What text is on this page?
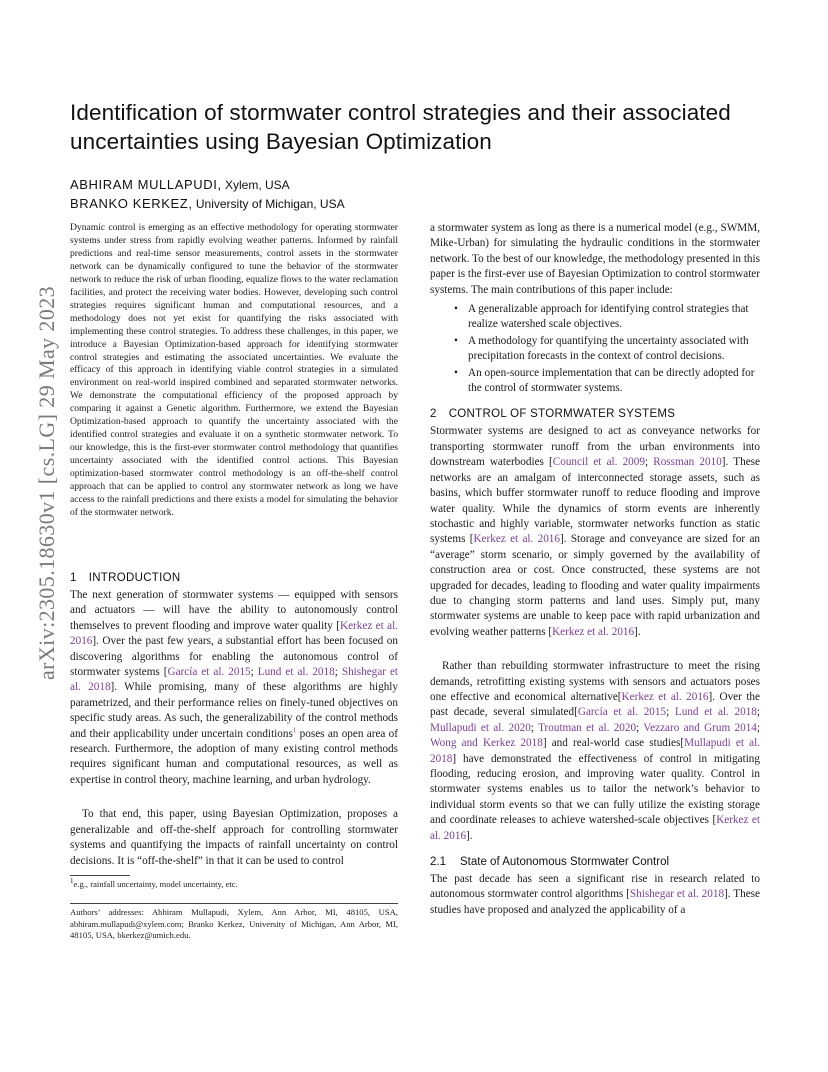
arXiv:2305.18630v1 [cs.LG] 29 May 2023
Identification of stormwater control strategies and their associated uncertainties using Bayesian Optimization
ABHIRAM MULLAPUDI, Xylem, USA
BRANKO KERKEZ, University of Michigan, USA
Dynamic control is emerging as an effective methodology for operating stormwater systems under stress from rapidly evolving weather patterns. Informed by rainfall predictions and real-time sensor measurements, control assets in the stormwater network can be dynamically configured to tune the behavior of the stormwater network to reduce the risk of urban flooding, equalize flows to the water reclamation facilities, and protect the receiving water bodies. However, developing such control strategies requires significant human and computational resources, and a methodology does not yet exist for quantifying the risks associated with implementing these control strategies. To address these challenges, in this paper, we introduce a Bayesian Optimization-based approach for identifying stormwater control strategies and estimating the associated uncertainties. We evaluate the efficacy of this approach in identifying viable control strategies in a simulated environment on real-world inspired combined and separated stormwater networks. We demonstrate the computational efficiency of the proposed approach by comparing it against a Genetic algorithm. Furthermore, we extend the Bayesian Optimization-based approach to quantify the uncertainty associated with the identified control strategies and evaluate it on a synthetic stormwater network. To our knowledge, this is the first-ever stormwater control methodology that quantifies uncertainty associated with the identified control actions. This Bayesian optimization-based stormwater control methodology is an off-the-shelf control approach that can be applied to control any stormwater network as long we have access to the rainfall predictions and there exists a model for simulating the behavior of the stormwater network.
1 INTRODUCTION

The next generation of stormwater systems — equipped with sensors and actuators — will have the ability to autonomously control themselves to prevent flooding and improve water quality [Kerkez et al. 2016]. Over the past few years, a substantial effort has been focused on discovering algorithms for enabling the autonomous control of stormwater systems [García et al. 2015; Lund et al. 2018; Shishegar et al. 2018]. While promising, many of these algorithms are highly parametrized, and their performance relies on finely-tuned objectives on specific study areas. As such, the generalizability of the control methods and their applicability under uncertain conditions$^1$ poses an open area of research. Furthermore, the adoption of many existing control methods requires significant human and computational resources, as well as expertise in control theory, machine learning, and urban hydrology.

To that end, this paper, using Bayesian Optimization, proposes a generalizable and off-the-shelf approach for controlling stormwater systems and quantifying the impacts of rainfall uncertainty on control decisions. It is “off-the-shelf” in that it can be used to control

$^1$e.g., rainfall uncertainty, model uncertainty, etc.
Authors’ addresses: Abhiram Mullapudi, Xylem, Ann Arbor, MI, 48105, USA, abhiram.mullapudi@xylem.com; Branko Kerkez, University of Michigan, Ann Arbor, MI, 48105, USA, bkerkez@umich.edu.

a stormwater system as long as there is a numerical model (e.g., SWMM, Mike-Urban) for simulating the hydraulic conditions in the stormwater network. To the best of our knowledge, the methodology presented in this paper is the first-ever use of Bayesian Optimization to control stormwater systems. The main contributions of this paper include:

• A generalizable approach for identifying control strategies that realize watershed scale objectives.
• A methodology for quantifying the uncertainty associated with precipitation forecasts in the context of control decisions.
• An open-source implementation that can be directly adopted for the control of stormwater systems.
2 CONTROL OF STORMWATER SYSTEMS

Stormwater systems are designed to act as conveyance networks for transporting stormwater runoff from the urban environments into downstream waterbodies [Council et al. 2009; Rossman 2010]. These networks are an amalgam of interconnected storage assets, such as basins, which buffer stormwater runoff to reduce flooding and improve water quality. While the dynamics of storm events are inherently stochastic and highly variable, stormwater networks function as static systems [Kerkez et al. 2016]. Storage and conveyance are sized for an “average” storm scenario, or simply governed by the availability of construction area or cost. Once constructed, these systems are not upgraded for decades, leading to flooding and water quality impairments due to changing storm patterns and land uses. Simply put, many stormwater systems are unable to keep pace with rapid urbanization and evolving weather patterns [Kerkez et al. 2016].

Rather than rebuilding stormwater infrastructure to meet the rising demands, retrofitting existing systems with sensors and actuators poses one effective and economical alternative[Kerkez et al. 2016]. Over the past decade, several simulated[García et al. 2015; Lund et al. 2018; Mullapudi et al. 2020; Troutman et al. 2020; Vezzaro and Grum 2014; Wong and Kerkez 2018] and real-world case studies[Mullapudi et al. 2018] have demonstrated the effectiveness of control in mitigating flooding, reducing erosion, and improving water quality. Control in stormwater systems enables us to tailor the network’s behavior to individual storm events so that we can fully utilize the existing storage and coordinate releases to achieve watershed-scale objectives [Kerkez et al. 2016].

2.1 State of Autonomous Stormwater Control

The past decade has seen a significant rise in research related to autonomous stormwater control algorithms [Shishegar et al. 2018]. These studies have proposed and analyzed the applicability of a
